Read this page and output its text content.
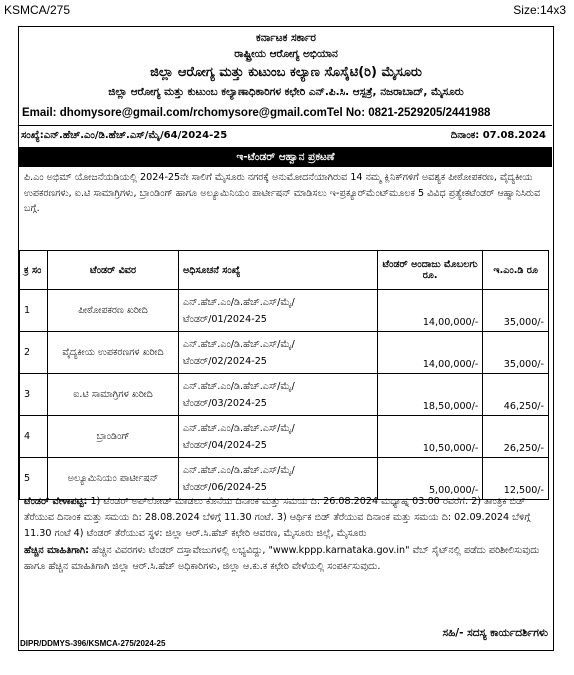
KSMCA/275	Size:14x3
ಕರ್ನಾಟಕ ಸರ್ಕಾರ
ರಾಷ್ಟ್ರೀಯ ಆರೋಗ್ಯ ಅಭಿಯಾನ
ಜಿಲ್ಲಾ ಆರೋಗ್ಯ ಮತ್ತು ಕುಟುಂಬ ಕಲ್ಯಾಣ ಸೊಸೈಟಿ(ರಿ) ಮೈಸೂರು
ಜಿಲ್ಲಾ ಆರೋಗ್ಯ ಮತ್ತು ಕುಟುಂಬ ಕಲ್ಯಾಣಾಧಿಕಾರಿಗಳ ಕಛೇರಿ ಎನ್.ಪಿ.ಸಿ. ಆಸ್ಪತ್ರೆ, ನಜರಾಬಾದ್, ಮೈಸೂರು
Email: dhomysore@gmail.com/rchomysore@gmail.comTel No: 0821-2529205/2441988
ಸಂಖ್ಯೆ:ಎನ್.ಹೆಚ್.ಎಂ/ಡಿ.ಹೆಚ್.ಎಸ್/ಮೈ/64/2024-25	ದಿನಾಂಕ: 07.08.2024
ಇ-ಟೆಂಡರ್ ಆಹ್ವಾನ ಪ್ರಕಟಣೆ
ಪಿ.ಎಂ ಅಭಿಮ್ ಯೋಜನೆಯಡಿಯಲ್ಲಿ 2024-25ನೇ ಸಾಲಿಗೆ ಮೈಸೂರು ನಗರಕ್ಕೆ ಅನುಮೋದನೆಯಾಗಿರುವ 14 ನಮ್ಮ ಕ್ಲಿನಿಕ್‌ಗಳಿಗೆ ಅವಶ್ಯಕ ಪೀಠೋಪಕರಣ, ವೈದ್ಯಕೀಯ ಉಪಕರಣಗಳು, ಐ.ಟಿ ಸಾಮಾಗ್ರಿಗಳು, ಬ್ರಾಂಡಿಂಗ್ ಹಾಗೂ ಅಲ್ಯೂಮಿನಿಯಂ ಪಾರ್ಟೀಷನ್ ಮಾಡಿಸಲು ಇ-ಪ್ರಕ್ಯೂರ್‌ಮೆಂಟ್‌ಮೂಲಕ 5 ವಿವಿಧ ಪ್ರತ್ಯೇಕಟೆಂಡರ್ ಆಹ್ವಾನಿಸಿರುವ ಬಗ್ಗೆ.
ಕ್ರ ಸಂ	ಟೆಂಡರ್ ವಿವರ	ಅಧಿಸೂಚನೆ ಸಂಖ್ಯೆ	ಟೆಂಡರ್ ಅಂದಾಜು ಮೊಬಲಗು ರೂ.	ಇ.ಎಂ.ಡಿ ರೂ
1	ಪೀಠೋಪಕರಣ ಖರೀದಿ	ಎನ್.ಹೆಚ್.ಎಂ/ಡಿ.ಹೆಚ್.ಎಸ್/ಮೈ/
ಟೆಂಡರ್/01/2024-25	14,00,000/-	35,000/-
2	ವೈದ್ಯಕೀಯ ಉಪಕರಣಗಳ ಖರೀದಿ	ಎನ್.ಹೆಚ್.ಎಂ/ಡಿ.ಹೆಚ್.ಎಸ್/ಮೈ/
ಟೆಂಡರ್/02/2024-25	14,00,000/-	35,000/-
3	ಐ.ಟಿ ಸಾಮಾಗ್ರಿಗಳ ಖರೀದಿ	ಎನ್.ಹೆಚ್.ಎಂ/ಡಿ.ಹೆಚ್.ಎಸ್/ಮೈ/
ಟೆಂಡರ್/03/2024-25	18,50,000/-	46,250/-
4	ಬ್ರಾಂಡಿಂಗ್	ಎನ್.ಹೆಚ್.ಎಂ/ಡಿ.ಹೆಚ್.ಎಸ್/ಮೈ/
ಟೆಂಡರ್/04/2024-25	10,50,000/-	26,250/-
5	ಅಲ್ಯೂಮಿನಿಯಂ ಪಾರ್ಟೀಷನ್	ಎನ್.ಹೆಚ್.ಎಂ/ಡಿ.ಹೆಚ್.ಎಸ್/ಮೈ/
ಟೆಂಡರ್/06/2024-25	5,00,000/-	12,500/-
ಟೆಂಡರ್ ವೇಳಾಪಟ್ಟಿ: 1) ಟೆಂಡರ್ ಅಪ್‌ಲೋಡ್ ಮಾಡಲು ಕೊನೆಯ ದಿನಾಂಕ ಮತ್ತು ಸಮಯ ದಿ: 26.08.2024 ಮಧ್ಯಾಹ್ನ 03:00 ರವರೆಗೆ. 2) ತಾಂತ್ರಿಕ ಬಿಡ್ ತೆರೆಯುವ ದಿನಾಂಕ ಮತ್ತು ಸಮಯ ದಿ: 28.08.2024 ಬೆಳಿಗ್ಗೆ 11.30 ಗಂಟೆ. 3) ಆರ್ಥಿಕ ಬಿಡ್ ತೆರೆಯುವ ದಿನಾಂಕ ಮತ್ತು ಸಮಯ ದಿ: 02.09.2024 ಬೆಳಿಗ್ಗೆ 11.30 ಗಂಟೆ 4) ಟೆಂಡರ್ ತೆರೆಯುವ ಸ್ಥಳ: ಜಿಲ್ಲಾ ಆರ್.ಸಿ.ಹೆಚ್ ಕಛೇರಿ ಆವರಣ, ಮೈಸೂರು ಜಿಲ್ಲೆ, ಮೈಸೂರು
ಹೆಚ್ಚಿನ ಮಾಹಿತಿಗಾಗಿ: ಹೆಚ್ಚಿನ ವಿವರಗಳು ಟೆಂಡರ್ ದಸ್ತಾವೇಜುಗಳಲ್ಲಿ ಲಭ್ಯವಿದ್ದು, "www.kppp.karnataka.gov.in" ವೆಬ್ ಸೈಟ್‌ನಲ್ಲಿ ಪಡೆದು ಪರಿಶೀಲಿಸುವುದು ಹಾಗೂ ಹೆಚ್ಚಿನ ಮಾಹಿತಿಗಾಗಿ ಜಿಲ್ಲಾ ಆರ್.ಸಿ.ಹೆಚ್ ಅಧಿಕಾರಿಗಳು, ಜಿಲ್ಲಾ ಆ.ಕು.ಕ ಕಛೇರಿ ವೇಳೆಯಲ್ಲಿ ಸಂಪರ್ಕಿಸುವುದು.
ಸಹಿ/- ಸದಸ್ಯ ಕಾರ್ಯದರ್ಶಿಗಳು
DIPR/DDMYS-396/KSMCA-275/2024-25
